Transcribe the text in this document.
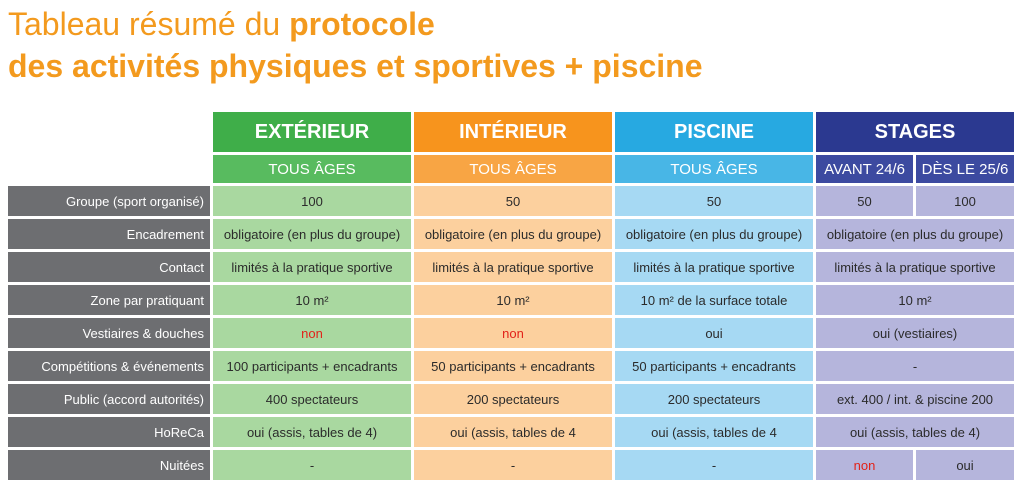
Tableau résumé du protocole
des activités physiques et sportives + piscine
EXTÉRIEUR	INTÉRIEUR	PISCINE	STAGES
TOUS ÂGES	TOUS ÂGES	TOUS ÂGES	AVANT 24/6	DÈS LE 25/6
Groupe (sport organisé)	100	50	50	50	100
Encadrement	obligatoire (en plus du groupe)	obligatoire (en plus du groupe)	obligatoire (en plus du groupe)	obligatoire (en plus du groupe)
Contact	limités à la pratique sportive	limités à la pratique sportive	limités à la pratique sportive	limités à la pratique sportive
Zone par pratiquant	10 m²	10 m²	10 m² de la surface totale	10 m²
Vestiaires & douches	non	non	oui	oui (vestiaires)
Compétitions & événements	100 participants + encadrants	50 participants + encadrants	50 participants + encadrants	-
Public (accord autorités)	400 spectateurs	200 spectateurs	200 spectateurs	ext. 400 / int. & piscine 200
HoReCa	oui (assis, tables de 4)	oui (assis, tables de 4	oui (assis, tables de 4	oui (assis, tables de 4)
Nuitées	-	-	-	non	oui
